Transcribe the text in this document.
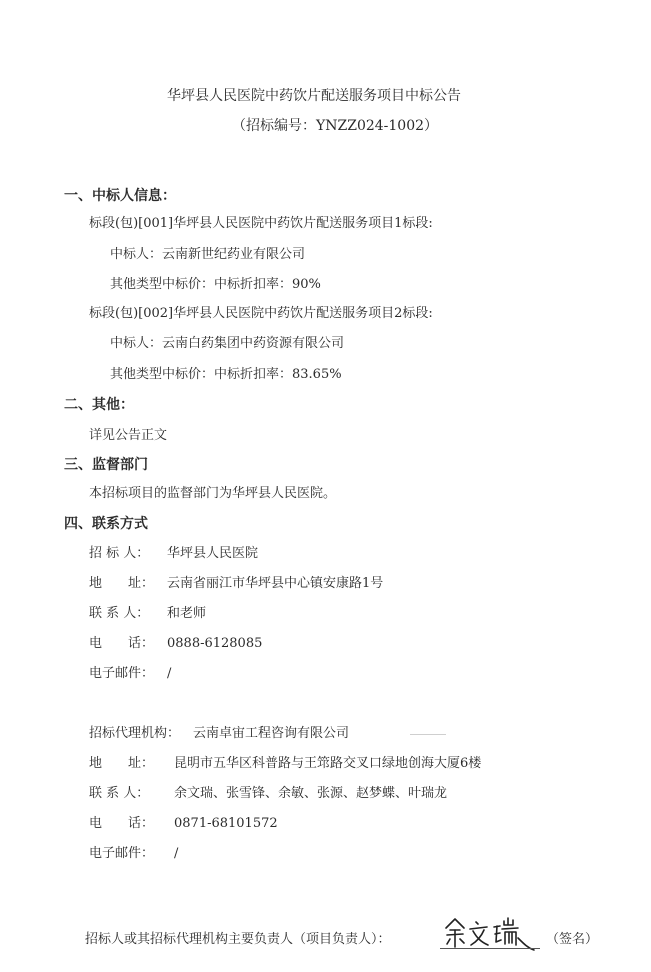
华坪县人民医院中药饮片配送服务项目中标公告
（招标编号：YNZZ024-1002）
一、中标人信息：
标段(包)[001]华坪县人民医院中药饮片配送服务项目1标段:
中标人：云南新世纪药业有限公司
其他类型中标价：中标折扣率：90%
标段(包)[002]华坪县人民医院中药饮片配送服务项目2标段:
中标人：云南白药集团中药资源有限公司
其他类型中标价：中标折扣率：83.65%
二、其他：
详见公告正文
三、监督部门
本招标项目的监督部门为华坪县人民医院。
四、联系方式
招 标 人： 华坪县人民医院
地　　址： 云南省丽江市华坪县中心镇安康路1号
联 系 人： 和老师
电　　话： 0888-6128085
电子邮件： /
招标代理机构： 云南卓宙工程咨询有限公司
地　　址： 昆明市五华区科普路与王筇路交叉口绿地创海大厦6楼
联 系 人： 余文瑞、张雪锋、余敏、张源、赵梦蝶、叶瑞龙
电　　话： 0871-68101572
电子邮件： /
招标人或其招标代理机构主要负责人（项目负责人）：	（签名）
